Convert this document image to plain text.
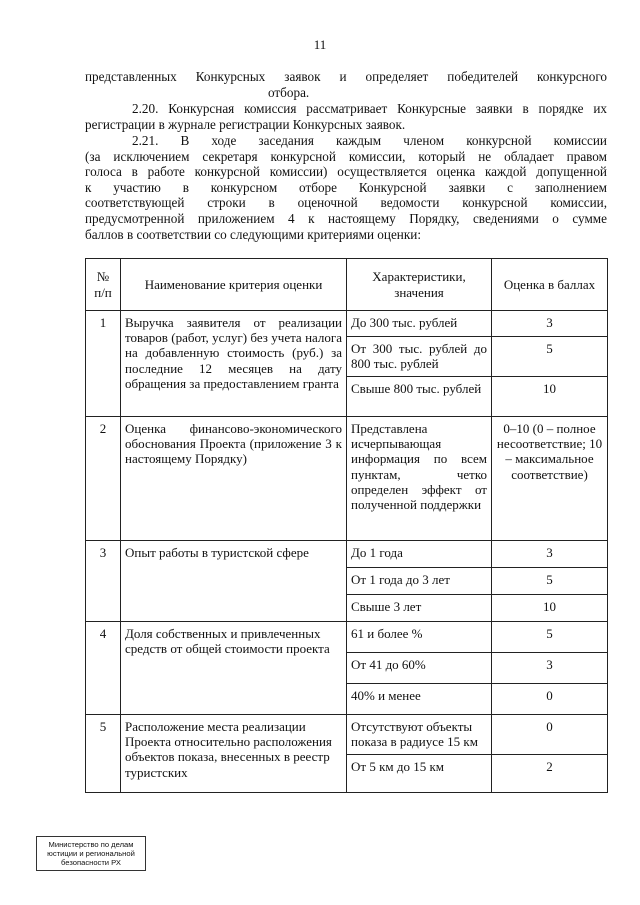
11
представленных Конкурсных заявок и определяет победителей конкурсного
отбора.
2.20. Конкурсная комиссия рассматривает Конкурсные заявки в порядке их
регистрации в журнале регистрации Конкурсных заявок.
2.21. В ходе заседания каждым членом конкурсной комиссии
(за исключением секретаря конкурсной комиссии, который не обладает правом
голоса в работе конкурсной комиссии) осуществляется оценка каждой допущенной
к участию в конкурсном отборе Конкурсной заявки с заполнением
соответствующей строки в оценочной ведомости конкурсной комиссии,
предусмотренной приложением 4 к настоящему Порядку, сведениями о сумме
баллов в соответствии со следующими критериями оценки:
№ п/п	Наименование критерия оценки	Характеристики, значения	Оценка в баллах
1	Выручка заявителя от реализации товаров (работ, услуг) без учета налога на добавленную стоимость (руб.) за последние 12 месяцев на дату обращения за предоставлением гранта	До 300 тыс. рублей	3
		От 300 тыс. рублей до 800 тыс. рублей	5
		Свыше 800 тыс. рублей	10
2	Оценка финансово-экономического обоснования Проекта (приложение 3 к настоящему Порядку)	Представлена исчерпывающая информация по всем пунктам, четко определен эффект от полученной поддержки	0–10 (0 – полное несоответствие; 10 – максимальное соответствие)
3	Опыт работы в туристской сфере	До 1 года	3
		От 1 года до 3 лет	5
		Свыше 3 лет	10
4	Доля собственных и привлеченных средств от общей стоимости проекта	61 и более %	5
		От 41 до 60%	3
		40% и менее	0
5	Расположение места реализации Проекта относительно расположения объектов показа, внесенных в реестр туристских	Отсутствуют объекты показа в радиусе 15 км	0
		От 5 км до 15 км	2
Министерство по делам
юстиции и региональной
безопасности РХ
